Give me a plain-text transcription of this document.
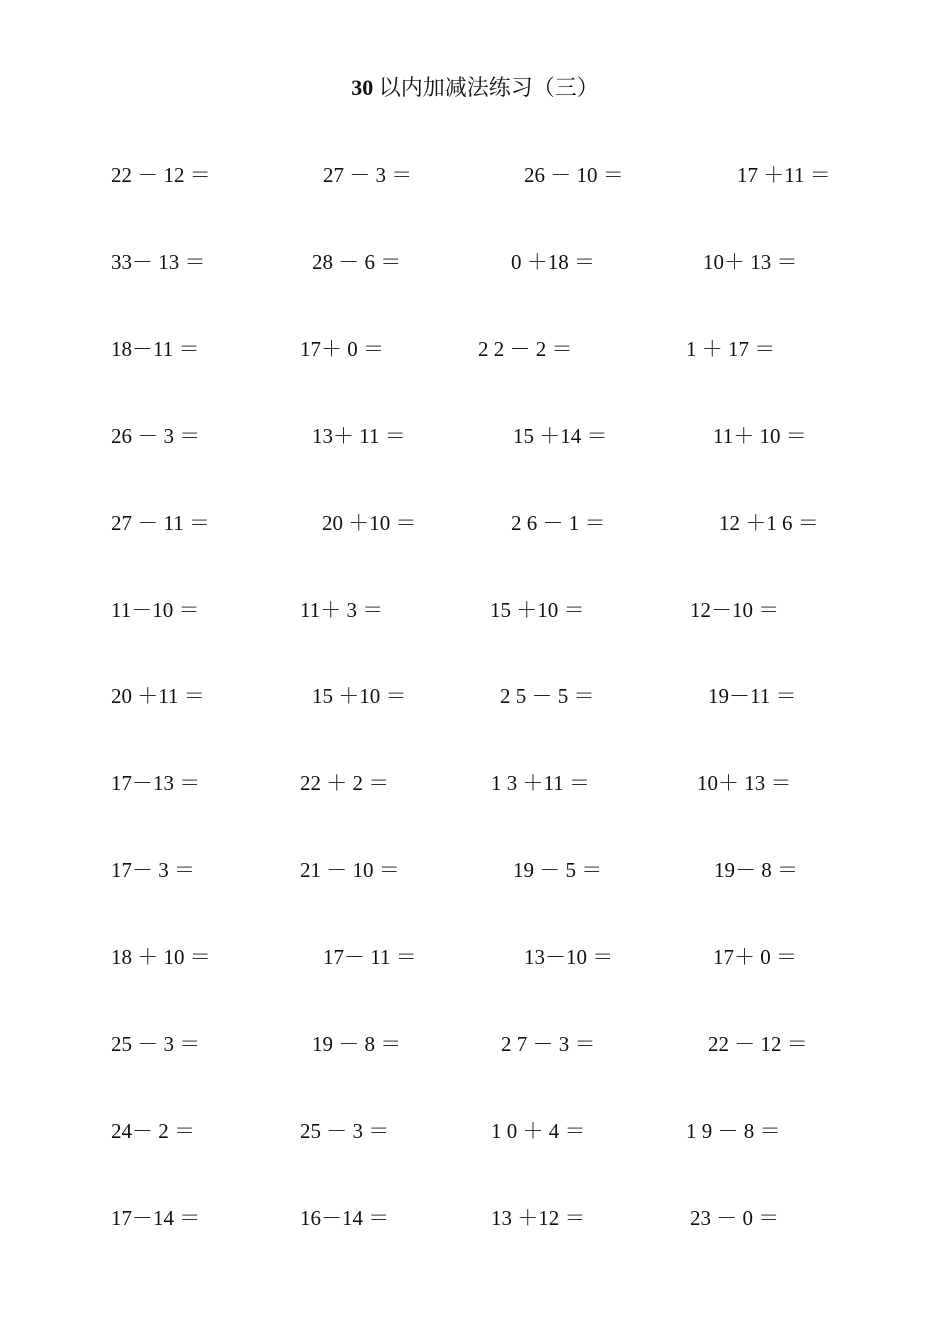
30 以内加减法练习（三）
22 － 12 ＝	27 － 3 ＝	26 － 10 ＝	17 ＋11 ＝
33－ 13 ＝	28 － 6 ＝	0 ＋18 ＝	10＋ 13 ＝
18－11 ＝	17＋ 0 ＝	2 2 － 2 ＝	1 ＋ 17 ＝
26 － 3 ＝	13＋ 11 ＝	15 ＋14 ＝	11＋ 10 ＝
27 － 11 ＝	20 ＋10 ＝	2 6 － 1 ＝	12 ＋1 6 ＝
11－10 ＝	11＋ 3 ＝	15 ＋10 ＝	12－10 ＝
20 ＋11 ＝	15 ＋10 ＝	2 5 － 5 ＝	19－11 ＝
17－13 ＝	22 ＋ 2 ＝	1 3 ＋11 ＝	10＋ 13 ＝
17－ 3 ＝	21 － 10 ＝	19 － 5 ＝	19－ 8 ＝
18 ＋ 10 ＝	17－ 11 ＝	13－10 ＝	17＋ 0 ＝
25 － 3 ＝	19 － 8 ＝	2 7 － 3 ＝	22 － 12 ＝
24－ 2 ＝	25 － 3 ＝	1 0 ＋ 4 ＝	1 9 － 8 ＝
17－14 ＝	16－14 ＝	13 ＋12 ＝	23 － 0 ＝
